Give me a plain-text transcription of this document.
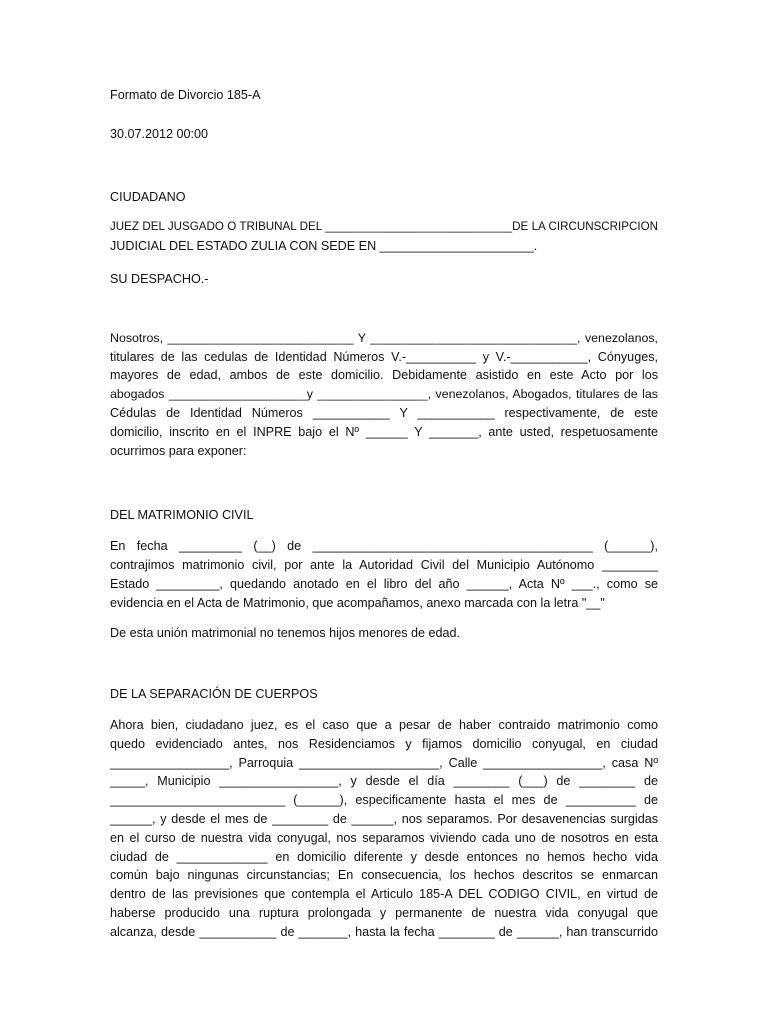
Formato de Divorcio 185-A
30.07.2012 00:00
CIUDADANO
JUEZ DEL JUSGADO O TRIBUNAL DEL _____________________________DE LA CIRCUNSCRIPCION
JUDICIAL DEL ESTADO ZULIA CON SEDE EN ______________________.
SU DESPACHO.-
Nosotros, ___________________________ Y ______________________________, venezolanos,
titulares de las cedulas de Identidad Números V.-__________ y V.-___________, Cónyuges,
mayores de edad, ambos de este domicilio. Debidamente asistido en este Acto por los
abogados ____________________y ________________, venezolanos, Abogados, titulares de las
Cédulas de Identidad Números ___________ Y ___________ respectivamente, de este
domicilio, inscrito en el INPRE bajo el Nº ______ Y _______, ante usted, respetuosamente
ocurrimos para exponer:
DEL MATRIMONIO CIVIL
En fecha _________ (__) de ________________________________________ (______),
contrajimos matrimonio civil, por ante la Autoridad Civil del Municipio Autónomo ________
Estado _________, quedando anotado en el libro del año ______, Acta Nº ___., como se
evidencia en el Acta de Matrimonio, que acompañamos, anexo marcada con la letra "__"
De esta unión matrimonial no tenemos hijos menores de edad.
DE LA SEPARACIÓN DE CUERPOS
Ahora bien, ciudadano juez, es el caso que a pesar de haber contraido matrimonio como
quedo evidenciado antes, nos Residenciamos y fijamos domicilio conyugal, en ciudad
_________________, Parroquia ____________________, Calle _________________, casa Nº
_____, Municipio _________________, y desde el día ________ (___) de ________ de
_________________________ (______), especificamente hasta el mes de __________ de
______, y desde el mes de ________ de ______, nos separamos. Por desavenencias surgidas
en el curso de nuestra vida conyugal, nos separamos viviendo cada uno de nosotros en esta
ciudad de _____________ en domicilio diferente y desde entonces no hemos hecho vida
común bajo ningunas circunstancias; En consecuencia, los hechos descritos se enmarcan
dentro de las previsiones que contempla el Articulo 185-A DEL CODIGO CIVIL, en virtud de
haberse producido una ruptura prolongada y permanente de nuestra vida conyugal que
alcanza, desde ___________ de _______, hasta la fecha ________ de ______, han transcurrido
